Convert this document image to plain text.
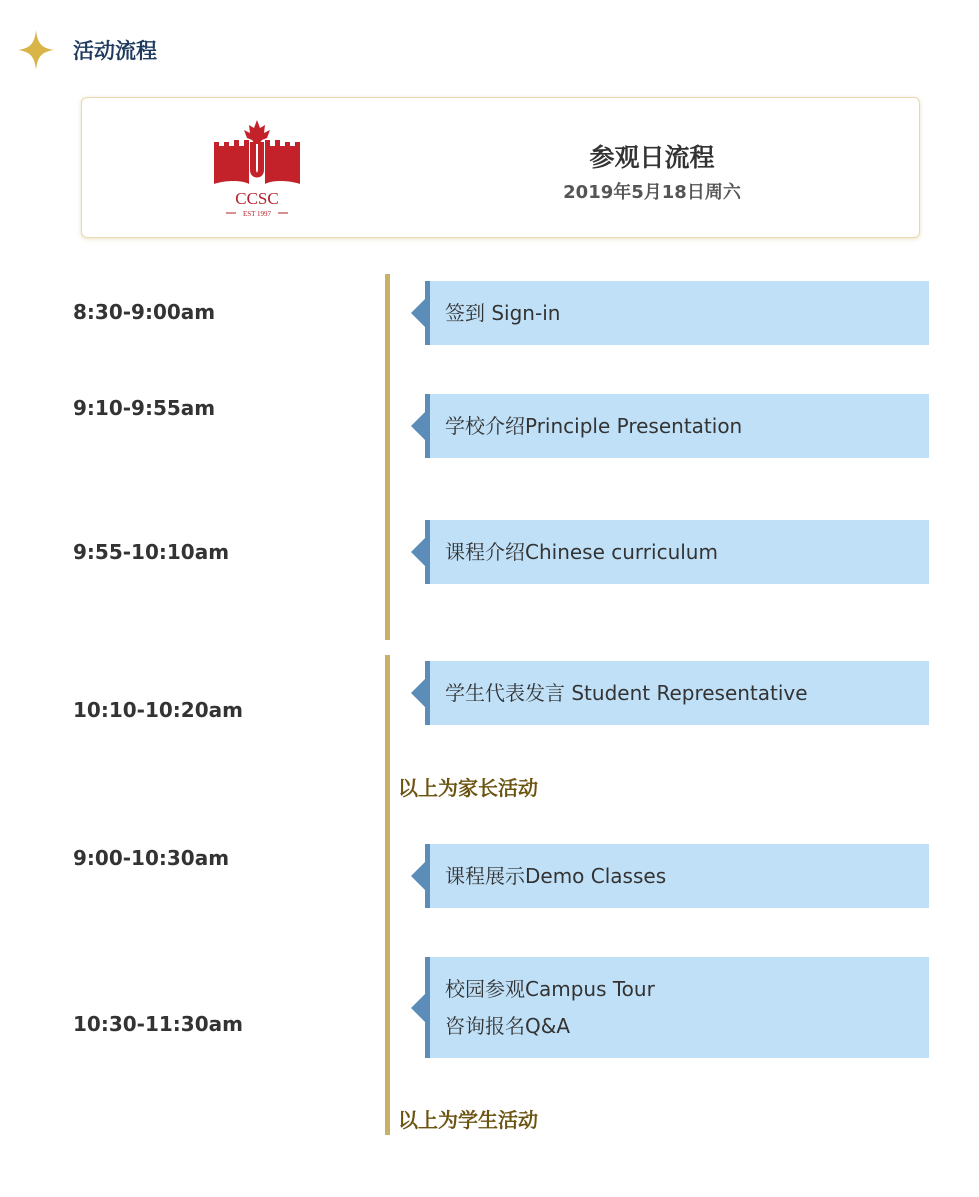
活动流程
CCSC
EST 1997
参观日流程
2019年5月18日周六
8:30-9:00am
9:10-9:55am
9:55-10:10am
10:10-10:20am
9:00-10:30am
10:30-11:30am
签到 Sign-in
学校介绍Principle Presentation
课程介绍Chinese curriculum
学生代表发言 Student Representative
课程展示Demo Classes
校园参观Campus Tour
咨询报名Q&A
以上为家长活动
以上为学生活动
